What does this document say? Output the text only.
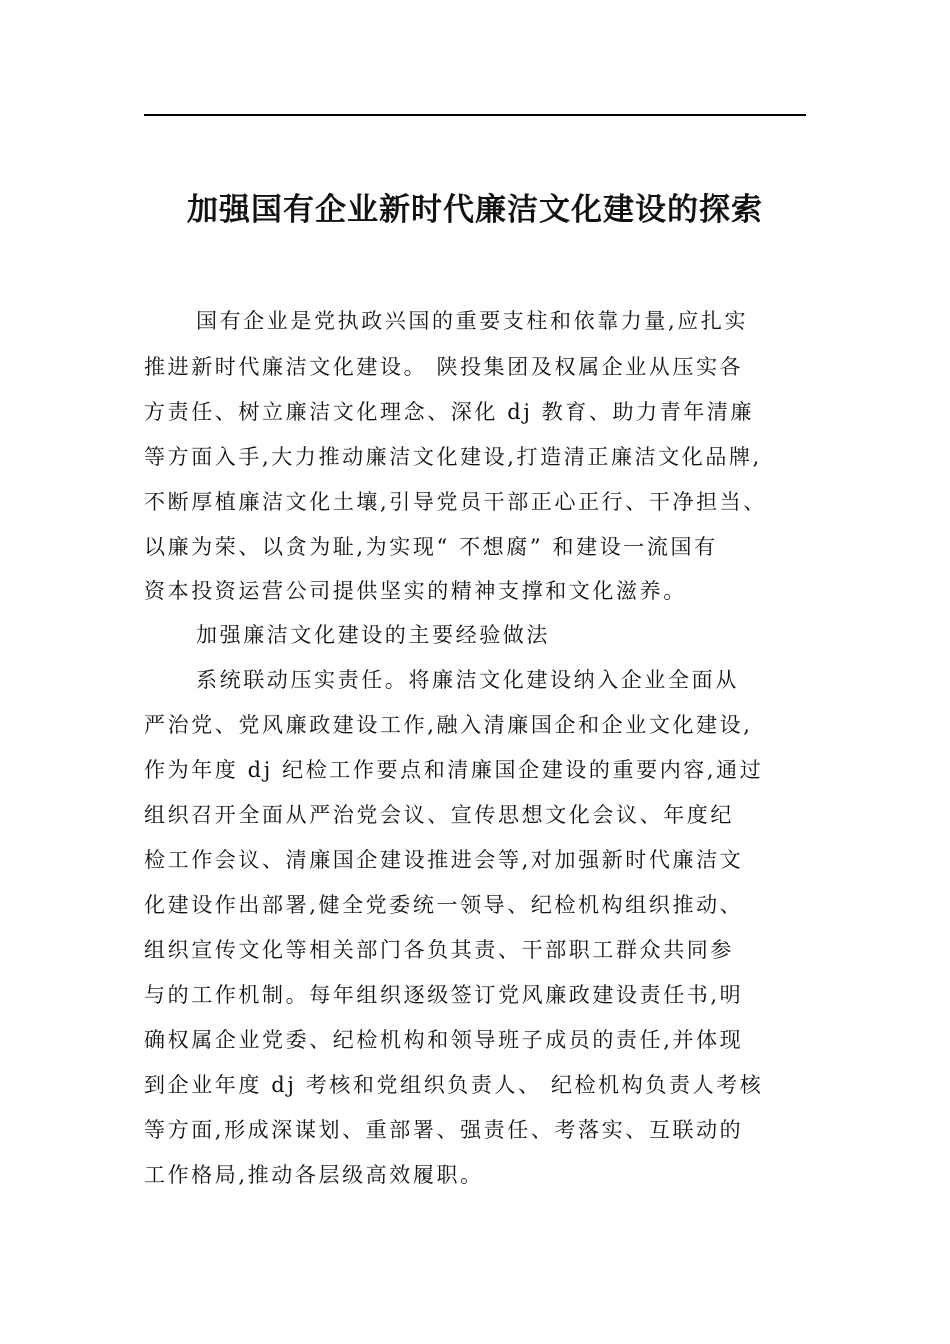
加强国有企业新时代廉洁文化建设的探索
国有企业是党执政兴国的重要支柱和依靠力量,应扎实
推进新时代廉洁文化建设。 陕投集团及权属企业从压实各
方责任、树立廉洁文化理念、深化 dj 教育、助力青年清廉
等方面入手,大力推动廉洁文化建设,打造清正廉洁文化品牌,
不断厚植廉洁文化土壤,引导党员干部正心正行、干净担当、
以廉为荣、以贪为耻,为实现“ 不想腐” 和建设一流国有
资本投资运营公司提供坚实的精神支撑和文化滋养。
加强廉洁文化建设的主要经验做法
系统联动压实责任。将廉洁文化建设纳入企业全面从
严治党、党风廉政建设工作,融入清廉国企和企业文化建设,
作为年度 dj 纪检工作要点和清廉国企建设的重要内容,通过
组织召开全面从严治党会议、宣传思想文化会议、年度纪
检工作会议、清廉国企建设推进会等,对加强新时代廉洁文
化建设作出部署,健全党委统一领导、纪检机构组织推动、
组织宣传文化等相关部门各负其责、干部职工群众共同参
与的工作机制。每年组织逐级签订党风廉政建设责任书,明
确权属企业党委、纪检机构和领导班子成员的责任,并体现
到企业年度 dj 考核和党组织负责人、 纪检机构负责人考核
等方面,形成深谋划、重部署、强责任、考落实、互联动的
工作格局,推动各层级高效履职。
